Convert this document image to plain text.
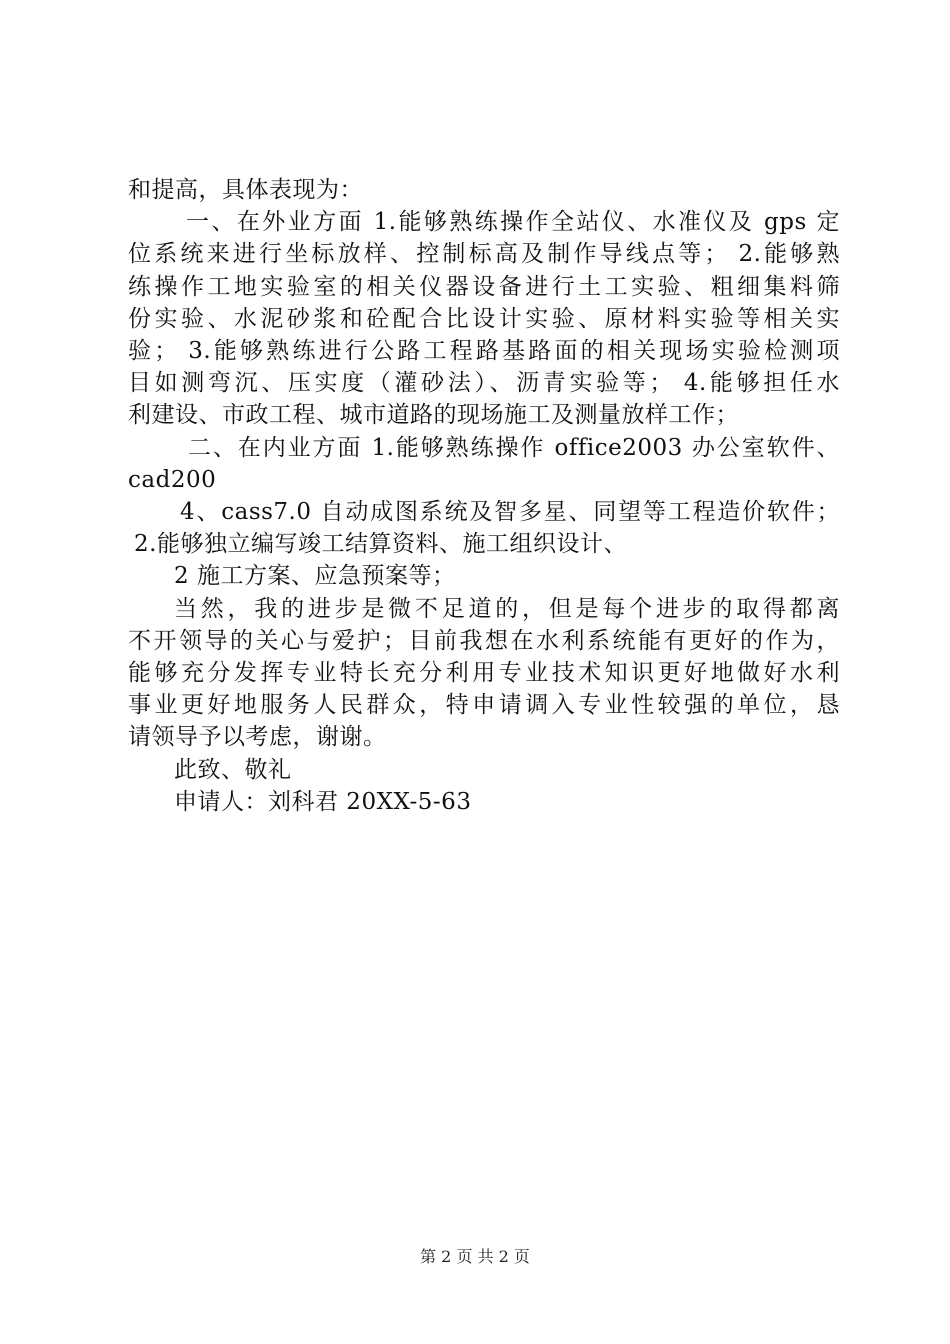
和提高，具体表现为：
一、在外业方面 1.能够熟练操作全站仪、水准仪及 gps 定
位系统来进行坐标放样、控制标高及制作导线点等； 2.能够熟
练操作工地实验室的相关仪器设备进行土工实验、粗细集料筛
份实验、水泥砂浆和砼配合比设计实验、原材料实验等相关实
验； 3.能够熟练进行公路工程路基路面的相关现场实验检测项
目如测弯沉、压实度（灌砂法）、沥青实验等； 4.能够担任水
利建设、市政工程、城市道路的现场施工及测量放样工作；
二、在内业方面 1.能够熟练操作 office2003 办公室软件、
cad200
4、cass7.0 自动成图系统及智多星、同望等工程造价软件；
2.能够独立编写竣工结算资料、施工组织设计、
2 施工方案、应急预案等；
当然，我的进步是微不足道的，但是每个进步的取得都离
不开领导的关心与爱护；目前我想在水利系统能有更好的作为，
能够充分发挥专业特长充分利用专业技术知识更好地做好水利
事业更好地服务人民群众，特申请调入专业性较强的单位，恳
请领导予以考虑，谢谢。
此致、敬礼
申请人：刘科君 20XX-5-63
第 2 页 共 2 页
